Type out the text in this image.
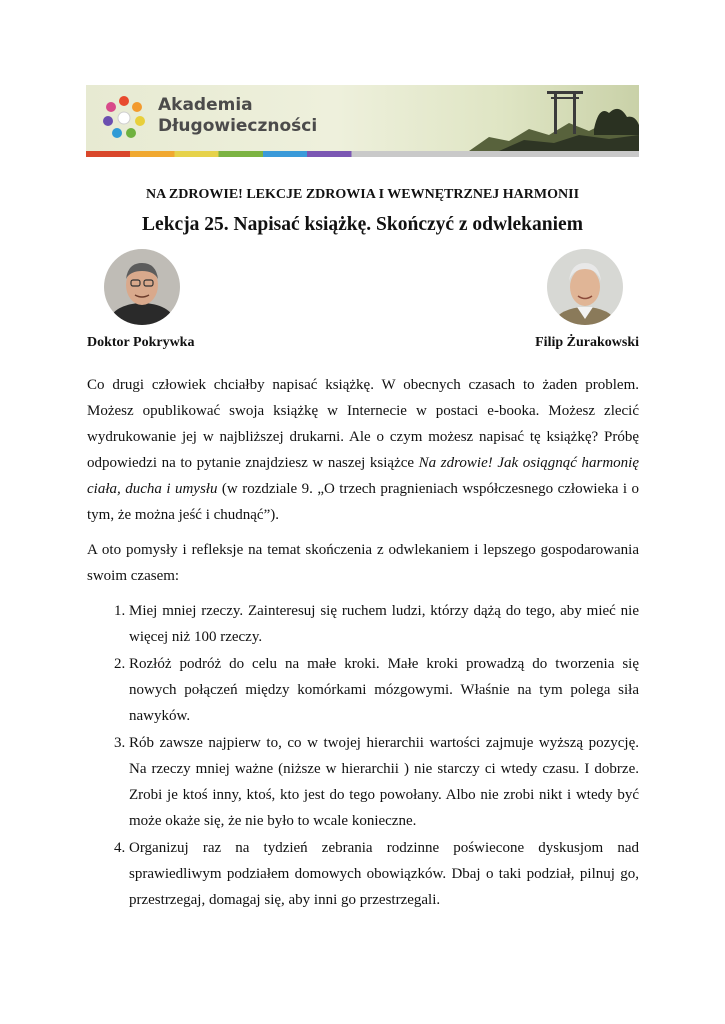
Akademia
Długowieczności
NA ZDROWIE! LEKCJE ZDROWIA I WEWNĘTRZNEJ HARMONII
Lekcja 25. Napisać książkę. Skończyć z odwlekaniem
Doktor Pokrywka	Filip Żurakowski

Co drugi człowiek chciałby napisać książkę. W obecnych czasach to żaden problem. Możesz opublikować swoja książkę w Internecie w postaci e-booka. Możesz zlecić wydrukowanie jej w najbliższej drukarni. Ale o czym możesz napisać tę książkę? Próbę odpowiedzi na to pytanie znajdziesz w naszej książce Na zdrowie! Jak osiągnąć harmonię ciała, ducha i umysłu (w rozdziale 9. „O trzech pragnieniach współczesnego człowieka i o tym, że można jeść i chudnąć”).

A oto pomysły i refleksje na temat skończenia z odwlekaniem i lepszego gospodarowania swoim czasem:

1. Miej mniej rzeczy. Zainteresuj się ruchem ludzi, którzy dążą do tego, aby mieć nie więcej niż 100 rzeczy.
2. Rozłóż podróż do celu na małe kroki. Małe kroki prowadzą do tworzenia się nowych połączeń między komórkami mózgowymi. Właśnie na tym polega siła nawyków.
3. Rób zawsze najpierw to, co w twojej hierarchii wartości zajmuje wyższą pozycję. Na rzeczy mniej ważne (niższe w hierarchii ) nie starczy ci wtedy czasu. I dobrze. Zrobi je ktoś inny, ktoś, kto jest do tego powołany. Albo nie zrobi nikt i wtedy być może okaże się, że nie było to wcale konieczne.
4. Organizuj raz na tydzień zebrania rodzinne poświecone dyskusjom nad sprawiedliwym podziałem domowych obowiązków. Dbaj o taki podział, pilnuj go, przestrzegaj, domagaj się, aby inni go przestrzegali.
